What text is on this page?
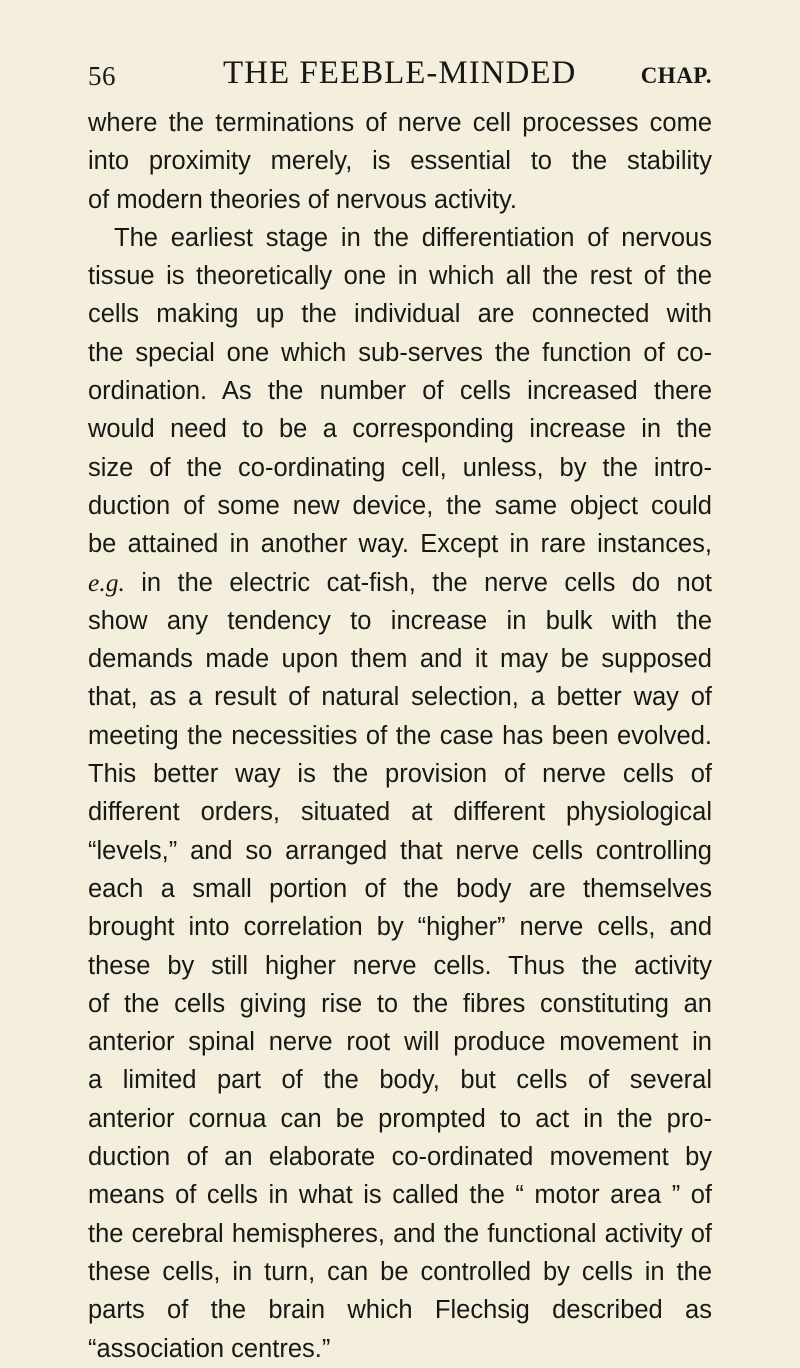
56	THE FEEBLE-MINDED	CHAP.
where the terminations of nerve cell processes come
into proximity merely, is essential to the stability
of modern theories of nervous activity.
The earliest stage in the differentiation of nervous
tissue is theoretically one in which all the rest of the
cells making up the individual are connected with
the special one which sub-serves the function of co-
ordination. As the number of cells increased there
would need to be a corresponding increase in the
size of the co-ordinating cell, unless, by the intro-
duction of some new device, the same object could
be attained in another way. Except in rare instances,
e.g. in the electric cat-fish, the nerve cells do not
show any tendency to increase in bulk with the
demands made upon them and it may be supposed
that, as a result of natural selection, a better way of
meeting the necessities of the case has been evolved.
This better way is the provision of nerve cells of
different orders, situated at different physiological
“levels,” and so arranged that nerve cells controlling
each a small portion of the body are themselves
brought into correlation by “higher” nerve cells, and
these by still higher nerve cells. Thus the activity
of the cells giving rise to the fibres constituting an
anterior spinal nerve root will produce movement in
a limited part of the body, but cells of several
anterior cornua can be prompted to act in the pro-
duction of an elaborate co-ordinated movement by
means of cells in what is called the “ motor area ” of
the cerebral hemispheres, and the functional activity of
these cells, in turn, can be controlled by cells in the
parts of the brain which Flechsig described as
“association centres.”
